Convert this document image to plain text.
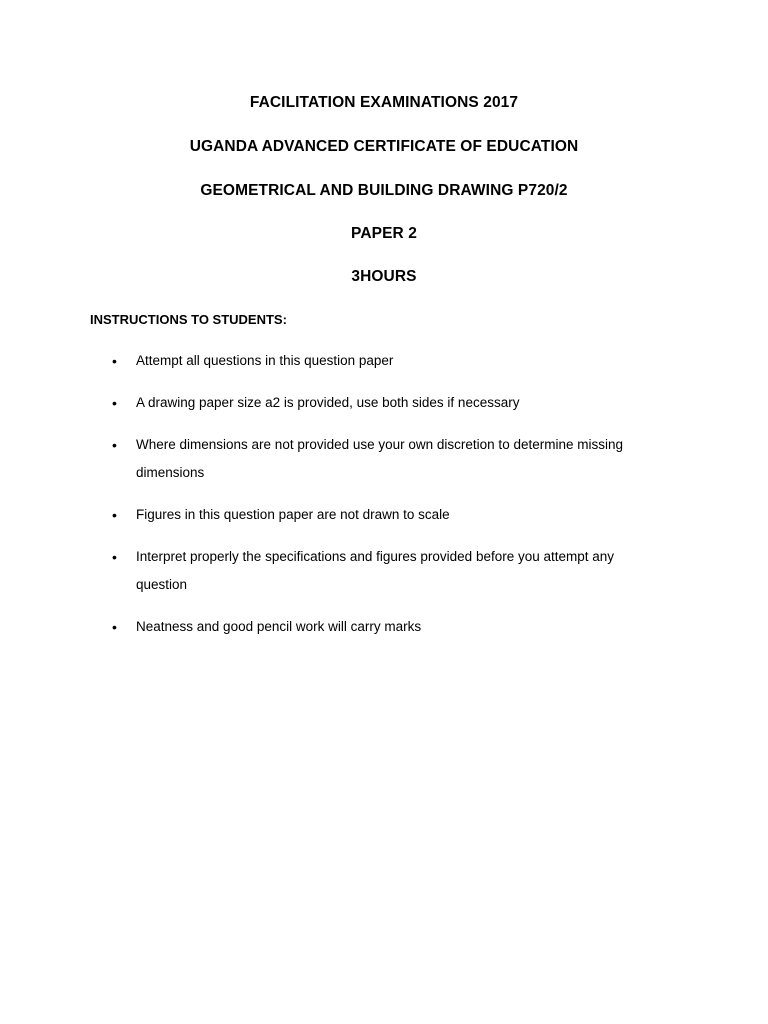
FACILITATION EXAMINATIONS 2017
UGANDA ADVANCED CERTIFICATE OF EDUCATION
GEOMETRICAL AND BUILDING DRAWING P720/2
PAPER 2
3HOURS
INSTRUCTIONS TO STUDENTS:
• Attempt all questions in this question paper
• A drawing paper size a2 is provided, use both sides if necessary
• Where dimensions are not provided use your own discretion to determine missing dimensions
• Figures in this question paper are not drawn to scale
• Interpret properly the specifications and figures provided before you attempt any question
• Neatness and good pencil work will carry marks
